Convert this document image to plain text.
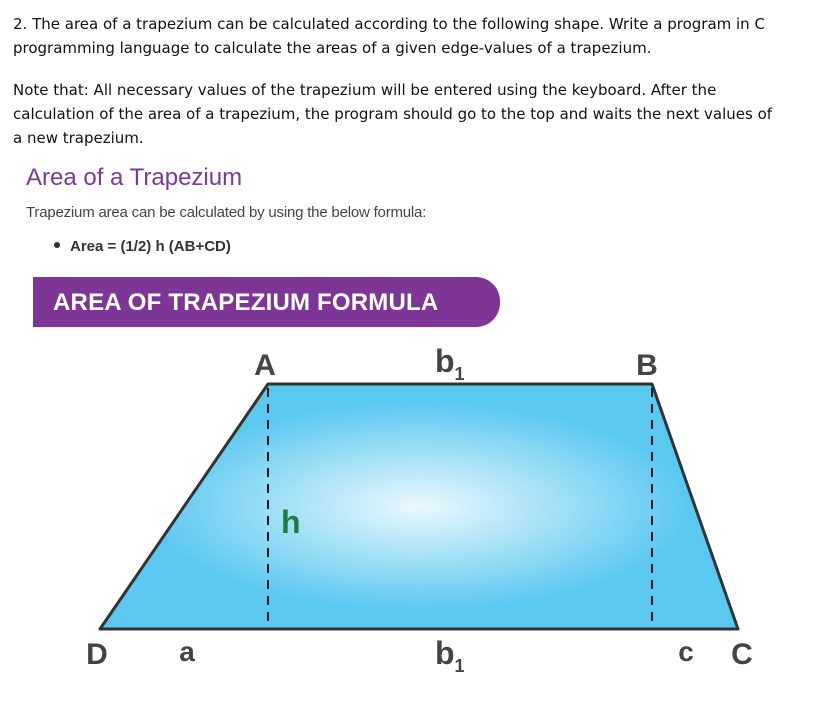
2. The area of a trapezium can be calculated according to the following shape. Write a program in C

programming language to calculate the areas of a given edge-values of a trapezium.

Note that: All necessary values of the trapezium will be entered using the keyboard. After the

calculation of the area of a trapezium, the program should go to the top and waits the next values of

a new trapezium.

Area of a Trapezium
Trapezium area can be calculated by using the below formula:
Area = (1/2) h (AB+CD)
AREA OF TRAPEZIUM FORMULA
A	B
D	C
$b_1$
$b_1$
h
a	c
